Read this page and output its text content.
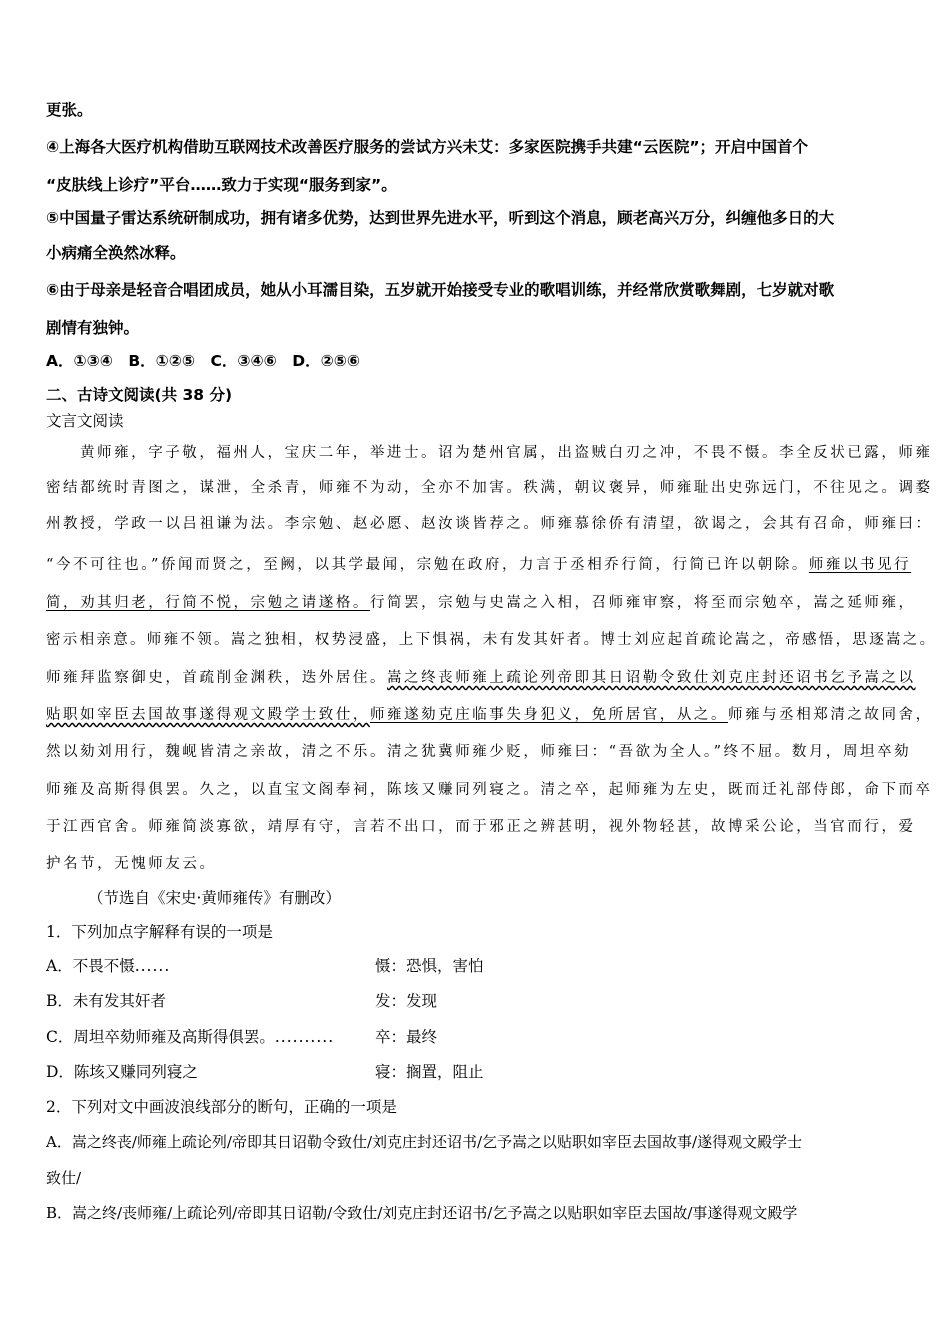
更张。
④上海各大医疗机构借助互联网技术改善医疗服务的尝试方兴未艾：多家医院携手共建“云医院”；开启中国首个
“皮肤线上诊疗”平台……致力于实现“服务到家”。
⑤中国量子雷达系统研制成功，拥有诸多优势，达到世界先进水平，听到这个消息，顾老高兴万分，纠缠他多日的大
小病痛全涣然冰释。
⑥由于母亲是轻音合唱团成员，她从小耳濡目染，五岁就开始接受专业的歌唱训练，并经常欣赏歌舞剧，七岁就对歌
剧情有独钟。
A．①③④　B．①②⑤　C．③④⑥　D．②⑤⑥
二、古诗文阅读(共 38 分)
文言文阅读
黄师雍，字子敬，福州人，宝庆二年，举进士。诏为楚州官属，出盗贼白刃之冲，不畏不慑。李全反状已露，师雍
密结都统时青图之，谋泄，全杀青，师雍不为动，全亦不加害。秩满，朝议褒异，师雍耻出史弥远门，不往见之。调婺
州教授，学政一以吕祖谦为法。李宗勉、赵必愿、赵汝谈皆荐之。师雍慕徐侨有清望，欲谒之，会其有召命，师雍曰：
“今不可往也。”侨闻而贤之，至阙，以其学最闻，宗勉在政府，力言于丞相乔行简，行简已许以朝除。师雍以书见行
简，劝其归老，行简不悦，宗勉之请遂格。行简罢，宗勉与史嵩之入相，召师雍审察，将至而宗勉卒，嵩之延师雍，
密示相亲意。师雍不领。嵩之独相，权势浸盛，上下惧祸，未有发其奸者。博士刘应起首疏论嵩之，帝感悟，思逐嵩之。
师雍拜监察御史，首疏削金渊秩，迭外居住。嵩之终丧师雍上疏论列帝即其日诏勒令致仕刘克庄封还诏书乞予嵩之以
贴职如宰臣去国故事遂得观文殿学士致仕，师雍遂劾克庄临事失身犯义，免所居官，从之。师雍与丞相郑清之故同舍，
然以劾刘用行，魏岘皆清之亲故，清之不乐。清之犹冀师雍少贬，师雍曰：“吾欲为全人。”终不屈。数月，周坦卒劾
师雍及高斯得俱罢。久之，以直宝文阁奉祠，陈垓又赚同列寝之。清之卒，起师雍为左史，既而迁礼部侍郎，命下而卒
于江西官舍。师雍简淡寡欲，靖厚有守，言若不出口，而于邪正之辨甚明，视外物轻甚，故博采公论，当官而行，爱
护名节，无愧师友云。
（节选自《宋史·黄师雍传》有删改）
1．下列加点字解释有误的一项是
A．不畏不慑......	慑：恐惧，害怕
B．未有发其奸者	发：发现
C．周坦卒劾师雍及高斯得俱罢。..........	卒：最终
D．陈垓又赚同列寝之	寝：搁置，阻止
2．下列对文中画波浪线部分的断句，正确的一项是
A．嵩之终丧/师雍上疏论列/帝即其日诏勒令致仕/刘克庄封还诏书/乞予嵩之以贴职如宰臣去国故事/遂得观文殿学士
致仕/
B．嵩之终/丧师雍/上疏论列/帝即其日诏勒/令致仕/刘克庄封还诏书/乞予嵩之以贴职如宰臣去国故/事遂得观文殿学
